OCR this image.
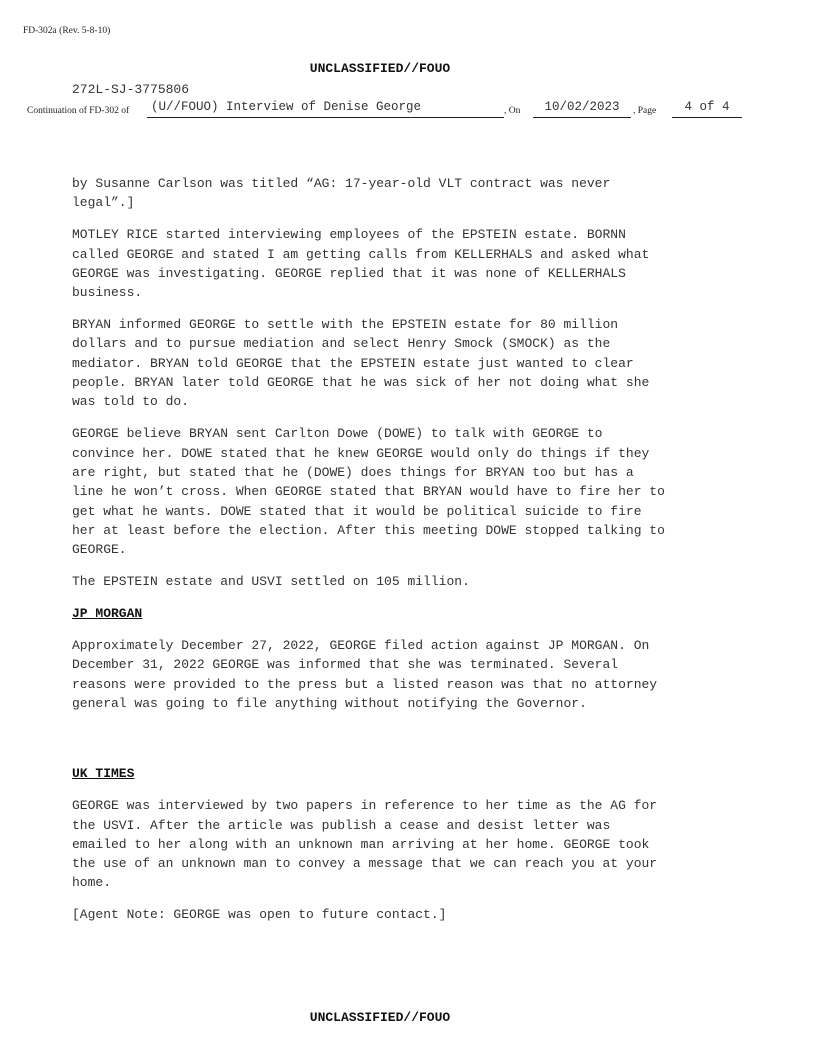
FD-302a (Rev. 5-8-10)
UNCLASSIFIED//FOUO
272L-SJ-3775806
Continuation of FD-302 of	(U//FOUO) Interview of Denise George	, On	10/02/2023	, Page	4 of 4

by Susanne Carlson was titled “AG: 17-year-old VLT contract was never
legal”.]

MOTLEY RICE started interviewing employees of the EPSTEIN estate. BORNN
called GEORGE and stated I am getting calls from KELLERHALS and asked what
GEORGE was investigating. GEORGE replied that it was none of KELLERHALS
business.

BRYAN informed GEORGE to settle with the EPSTEIN estate for 80 million
dollars and to pursue mediation and select Henry Smock (SMOCK) as the
mediator. BRYAN told GEORGE that the EPSTEIN estate just wanted to clear
people. BRYAN later told GEORGE that he was sick of her not doing what she
was told to do.

GEORGE believe BRYAN sent Carlton Dowe (DOWE) to talk with GEORGE to
convince her. DOWE stated that he knew GEORGE would only do things if they
are right, but stated that he (DOWE) does things for BRYAN too but has a
line he won’t cross. When GEORGE stated that BRYAN would have to fire her to
get what he wants. DOWE stated that it would be political suicide to fire
her at least before the election. After this meeting DOWE stopped talking to
GEORGE.

The EPSTEIN estate and USVI settled on 105 million.

JP MORGAN

Approximately December 27, 2022, GEORGE filed action against JP MORGAN. On
December 31, 2022 GEORGE was informed that she was terminated. Several
reasons were provided to the press but a listed reason was that no attorney
general was going to file anything without notifying the Governor.

UK TIMES

GEORGE was interviewed by two papers in reference to her time as the AG for
the USVI. After the article was publish a cease and desist letter was
emailed to her along with an unknown man arriving at her home. GEORGE took
the use of an unknown man to convey a message that we can reach you at your
home.

[Agent Note: GEORGE was open to future contact.]

UNCLASSIFIED//FOUO
